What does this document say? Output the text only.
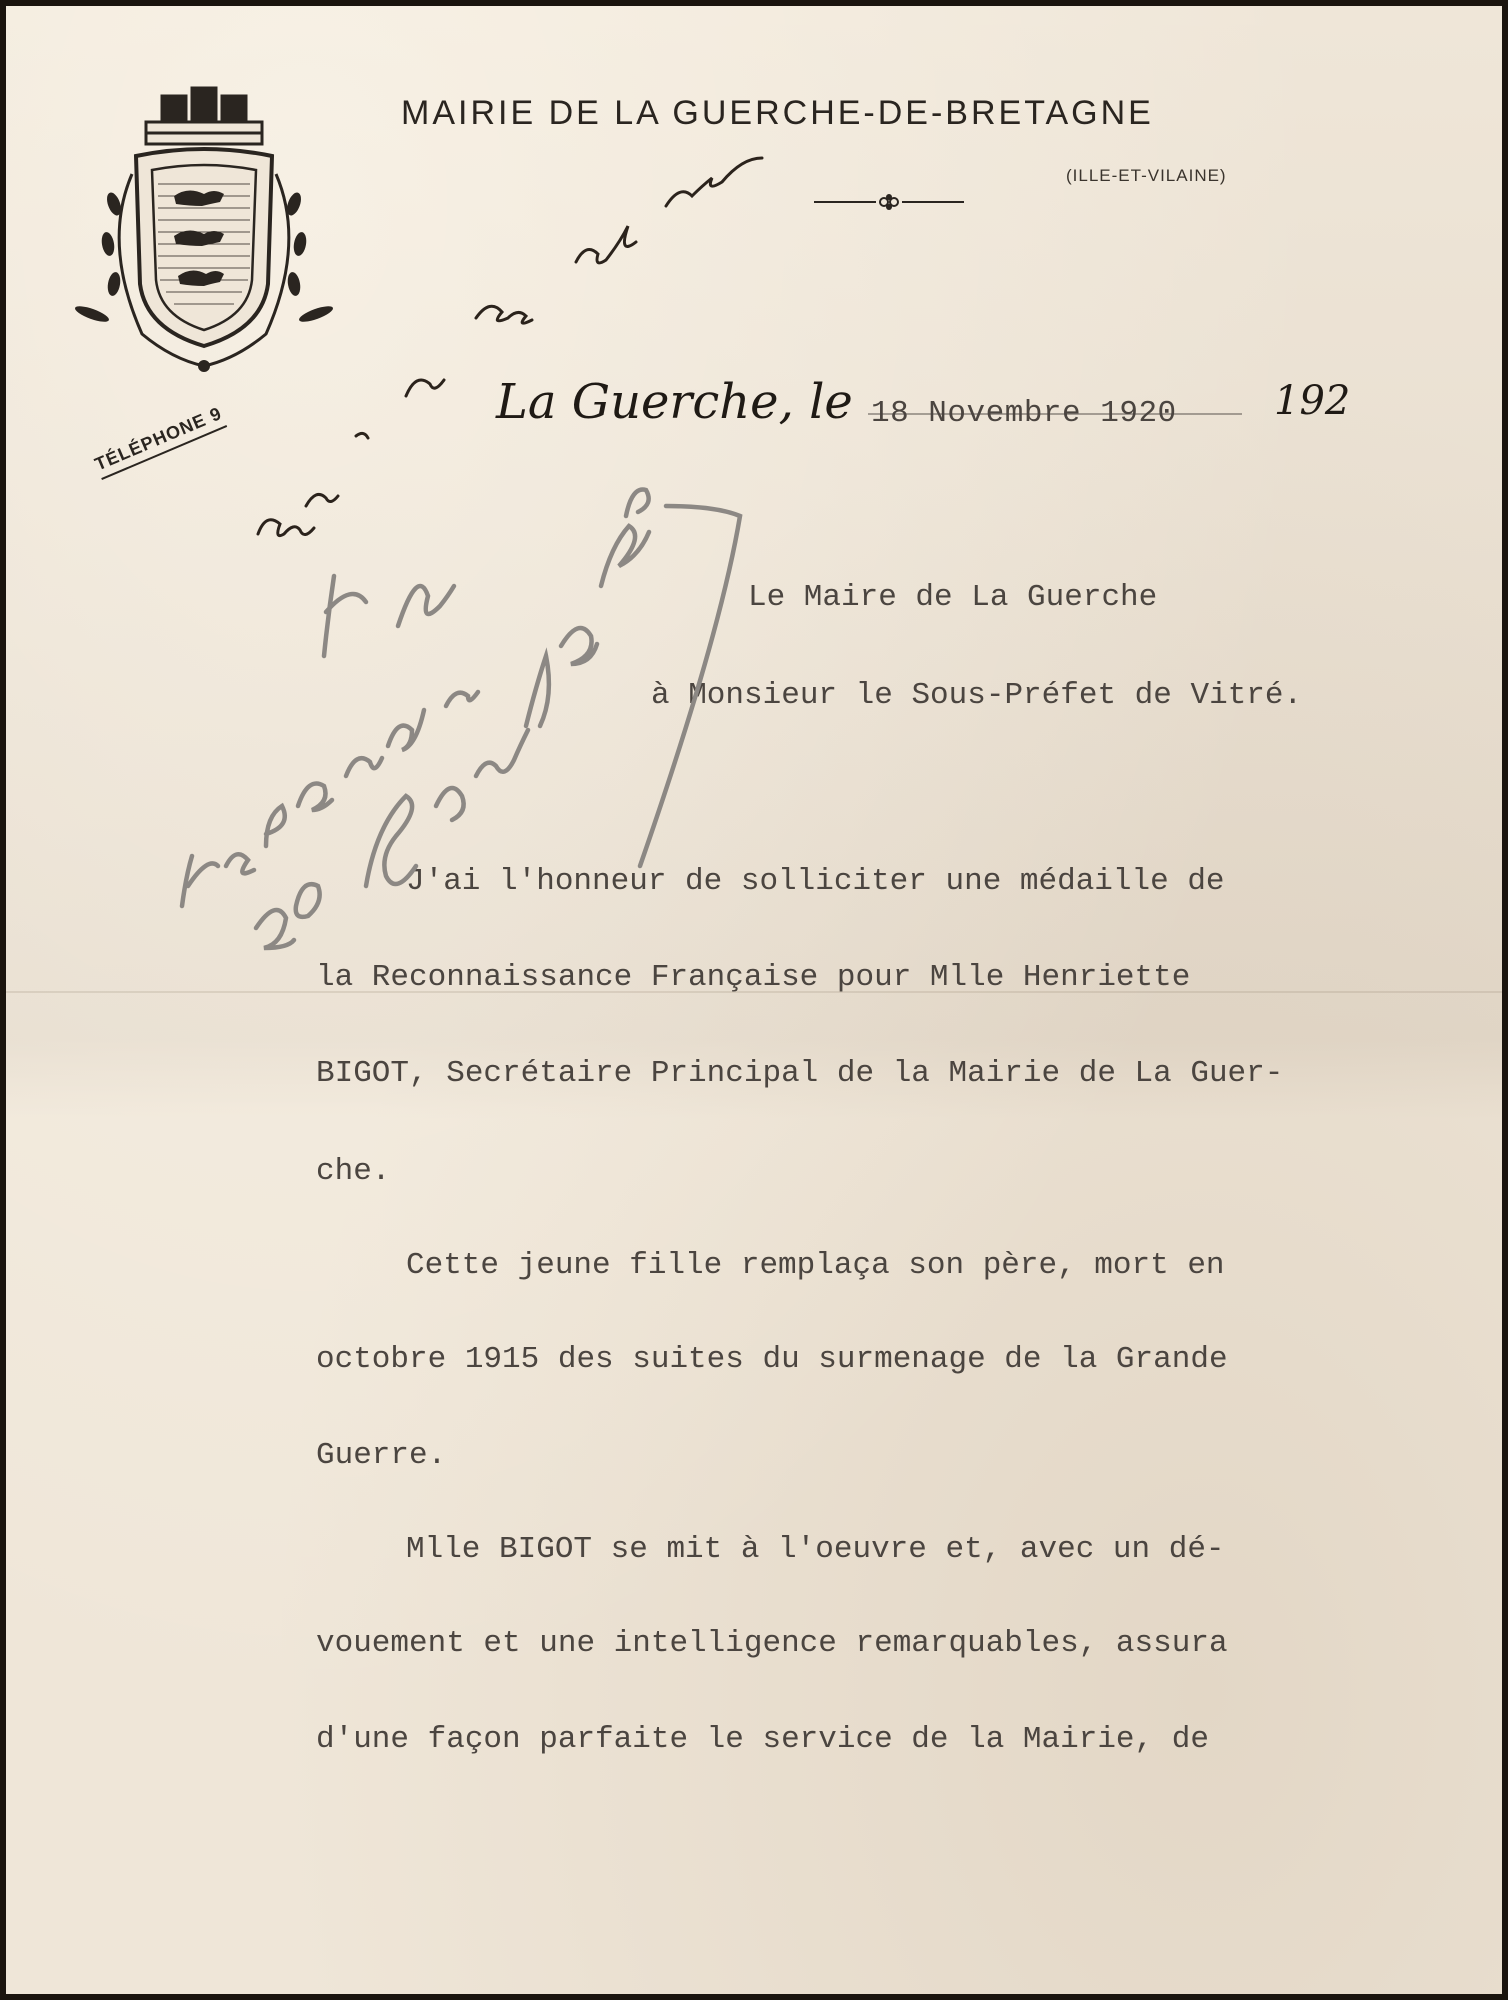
MAIRIE DE LA GUERCHE-DE-BRETAGNE
(ILLE-ET-VILAINE)
TÉLÉPHONE 9
La Guerche, le 18 Novembre 1920 192
Le Maire de La Guerche
à Monsieur le Sous-Préfet de Vitré.
J'ai l'honneur de solliciter une médaille de
la Reconnaissance Française pour Mlle Henriette
BIGOT, Secrétaire Principal de la Mairie de La Guer-
che.
Cette jeune fille remplaça son père, mort en
octobre 1915 des suites du surmenage de la Grande
Guerre.
Mlle BIGOT se mit à l'oeuvre et, avec un dé-
vouement et une intelligence remarquables, assura
d'une façon parfaite le service de la Mairie, de
